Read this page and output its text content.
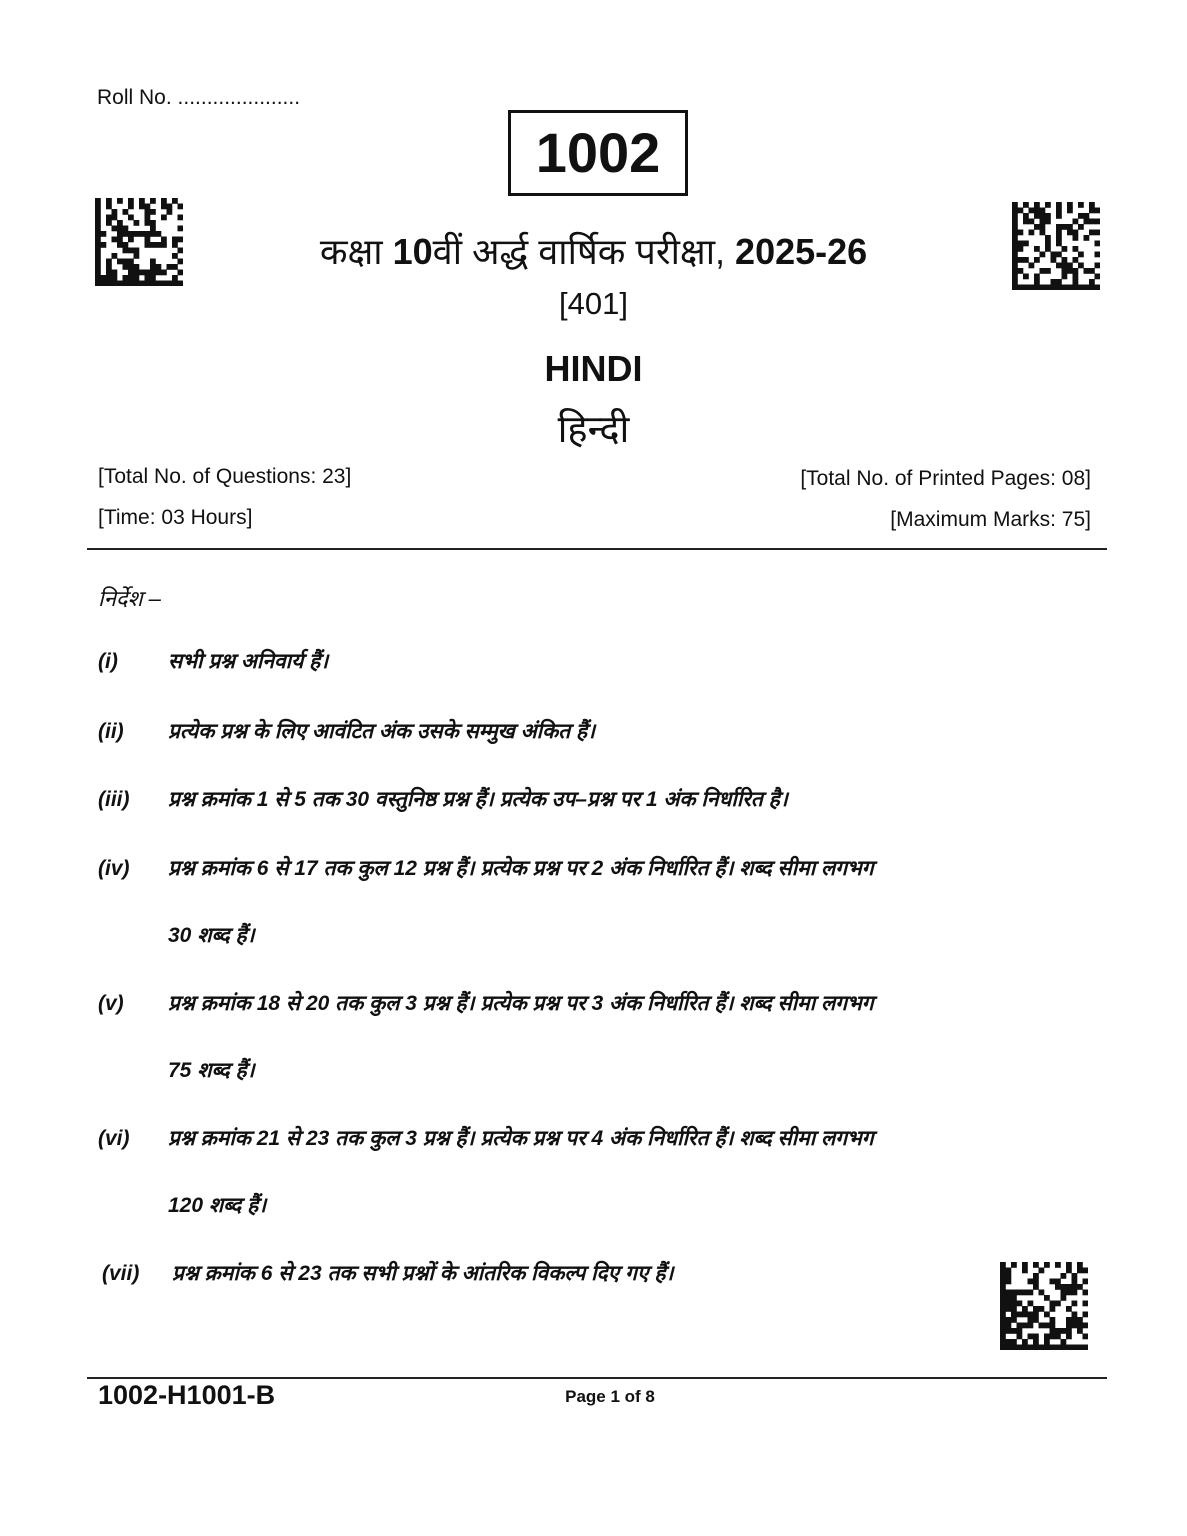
Roll No. .....................
1002
कक्षा 10वीं अर्द्ध वार्षिक परीक्षा, 2025-26
[401]
HINDI
हिन्दी
[Total No. of Questions: 23]
[Time: 03 Hours]
[Total No. of Printed Pages: 08]
[Maximum Marks: 75]
निर्देश –
(i)	सभी प्रश्न अनिवार्य हैं।
(ii)	प्रत्येक प्रश्न के लिए आवंटित अंक उसके सम्मुख अंकित हैं।
(iii)	प्रश्न क्रमांक 1 से 5 तक 30 वस्तुनिष्ठ प्रश्न हैं। प्रत्येक उप–प्रश्न पर 1 अंक निर्धारित है।
(iv)	प्रश्न क्रमांक 6 से 17 तक कुल 12 प्रश्न हैं। प्रत्येक प्रश्न पर 2 अंक निर्धारित हैं। शब्द सीमा लगभग
30 शब्द हैं।
(v)	प्रश्न क्रमांक 18 से 20 तक कुल 3 प्रश्न हैं। प्रत्येक प्रश्न पर 3 अंक निर्धारित हैं। शब्द सीमा लगभग
75 शब्द हैं।
(vi)	प्रश्न क्रमांक 21 से 23 तक कुल 3 प्रश्न हैं। प्रत्येक प्रश्न पर 4 अंक निर्धारित हैं। शब्द सीमा लगभग
120 शब्द हैं।
(vii)	प्रश्न क्रमांक 6 से 23 तक सभी प्रश्नों के आंतरिक विकल्प दिए गए हैं।
1002-H1001-B	Page 1 of 8
